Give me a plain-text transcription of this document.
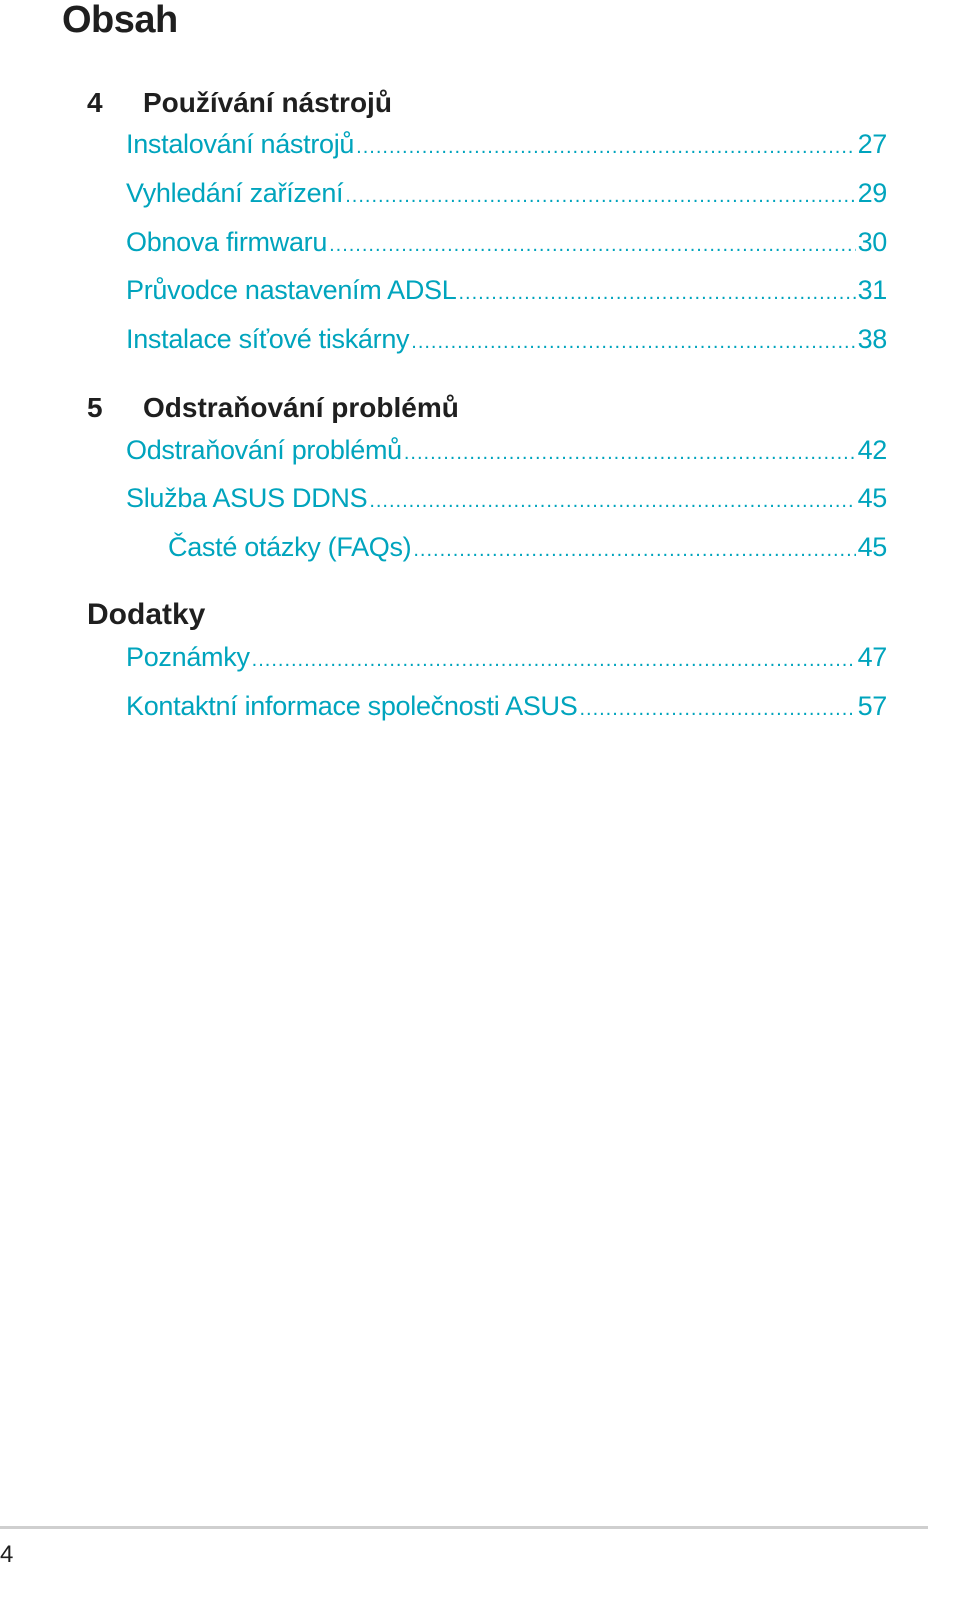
Obsah
4 Používání nástrojů
Instalování nástrojů .....	27
Vyhledání zařízení .....	29
Obnova firmwaru .....	30
Průvodce nastavením ADSL .....	31
Instalace síťové tiskárny .....	38
5 Odstraňování problémů
Odstraňování problémů .....	42
Služba ASUS DDNS .....	45
Časté otázky (FAQs) .....	45
Dodatky
Poznámky .....	47
Kontaktní informace společnosti ASUS .....	57
4
